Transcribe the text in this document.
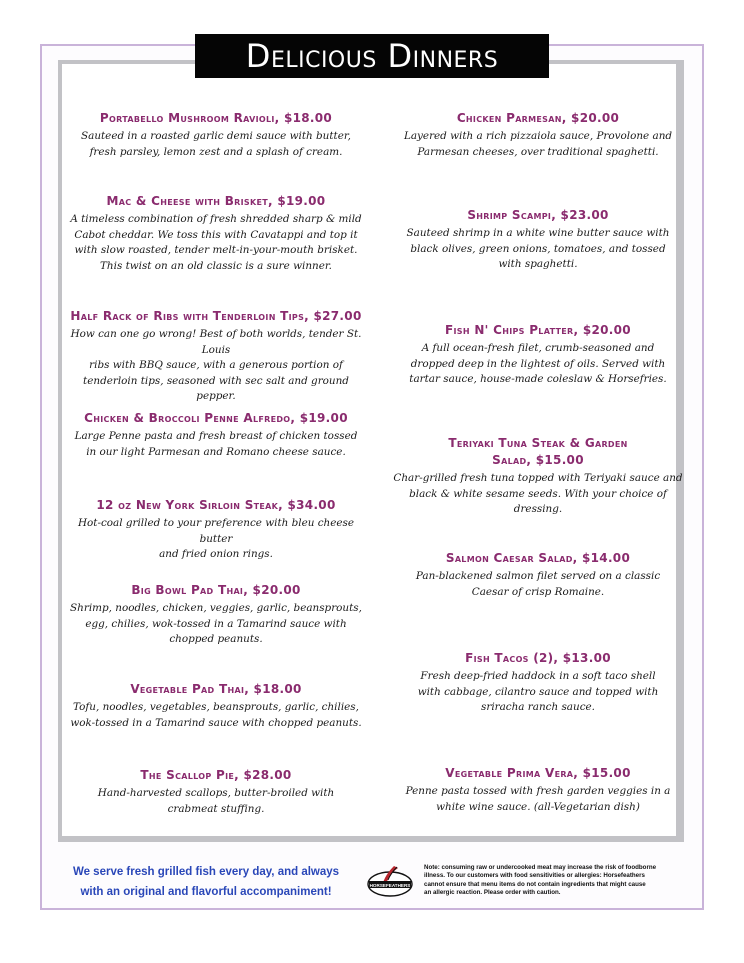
Delicious Dinners
Portabello Mushroom Ravioli, $18.00
Sauteed in a roasted garlic demi sauce with butter,
fresh parsley, lemon zest and a splash of cream.
Mac & Cheese with Brisket, $19.00
A timeless combination of fresh shredded sharp & mild
Cabot cheddar. We toss this with Cavatappi and top it
with slow roasted, tender melt-in-your-mouth brisket.
This twist on an old classic is a sure winner.
Half Rack of Ribs with Tenderloin Tips, $27.00
How can one go wrong! Best of both worlds, tender St. Louis
ribs with BBQ sauce, with a generous portion of
tenderloin tips, seasoned with sec salt and ground pepper.
Chicken & Broccoli Penne Alfredo, $19.00
Large Penne pasta and fresh breast of chicken tossed
in our light Parmesan and Romano cheese sauce.
12 oz New York Sirloin Steak, $34.00
Hot-coal grilled to your preference with bleu cheese butter
and fried onion rings.
Big Bowl Pad Thai, $20.00
Shrimp, noodles, chicken, veggies, garlic, beansprouts,
egg, chilies, wok-tossed in a Tamarind sauce with
chopped peanuts.
Vegetable Pad Thai, $18.00
Tofu, noodles, vegetables, beansprouts, garlic, chilies,
wok-tossed in a Tamarind sauce with chopped peanuts.
The Scallop Pie, $28.00
Hand-harvested scallops, butter-broiled with
crabmeat stuffing.
Chicken Parmesan, $20.00
Layered with a rich pizzaiola sauce, Provolone and
Parmesan cheeses, over traditional spaghetti.
Shrimp Scampi, $23.00
Sauteed shrimp in a white wine butter sauce with
black olives, green onions, tomatoes, and tossed
with spaghetti.
Fish N' Chips Platter, $20.00
A full ocean-fresh filet, crumb-seasoned and
dropped deep in the lightest of oils. Served with
tartar sauce, house-made coleslaw & Horsefries.
Teriyaki Tuna Steak & Garden
Salad, $15.00
Char-grilled fresh tuna topped with Teriyaki sauce and
black & white sesame seeds. With your choice of dressing.
Salmon Caesar Salad, $14.00
Pan-blackened salmon filet served on a classic
Caesar of crisp Romaine.
Fish Tacos (2), $13.00
Fresh deep-fried haddock in a soft taco shell
with cabbage, cilantro sauce and topped with
sriracha ranch sauce.
Vegetable Prima Vera, $15.00
Penne pasta tossed with fresh garden veggies in a
white wine sauce. (all-Vegetarian dish)
We serve fresh grilled fish every day, and always
with an original and flavorful accompaniment!
HORSEFEATHERS
Note: consuming raw or undercooked meat may increase the risk of foodborne
illness. To our customers with food sensitivities or allergies: Horsefeathers
cannot ensure that menu items do not contain ingredients that might cause
an allergic reaction. Please order with caution.
